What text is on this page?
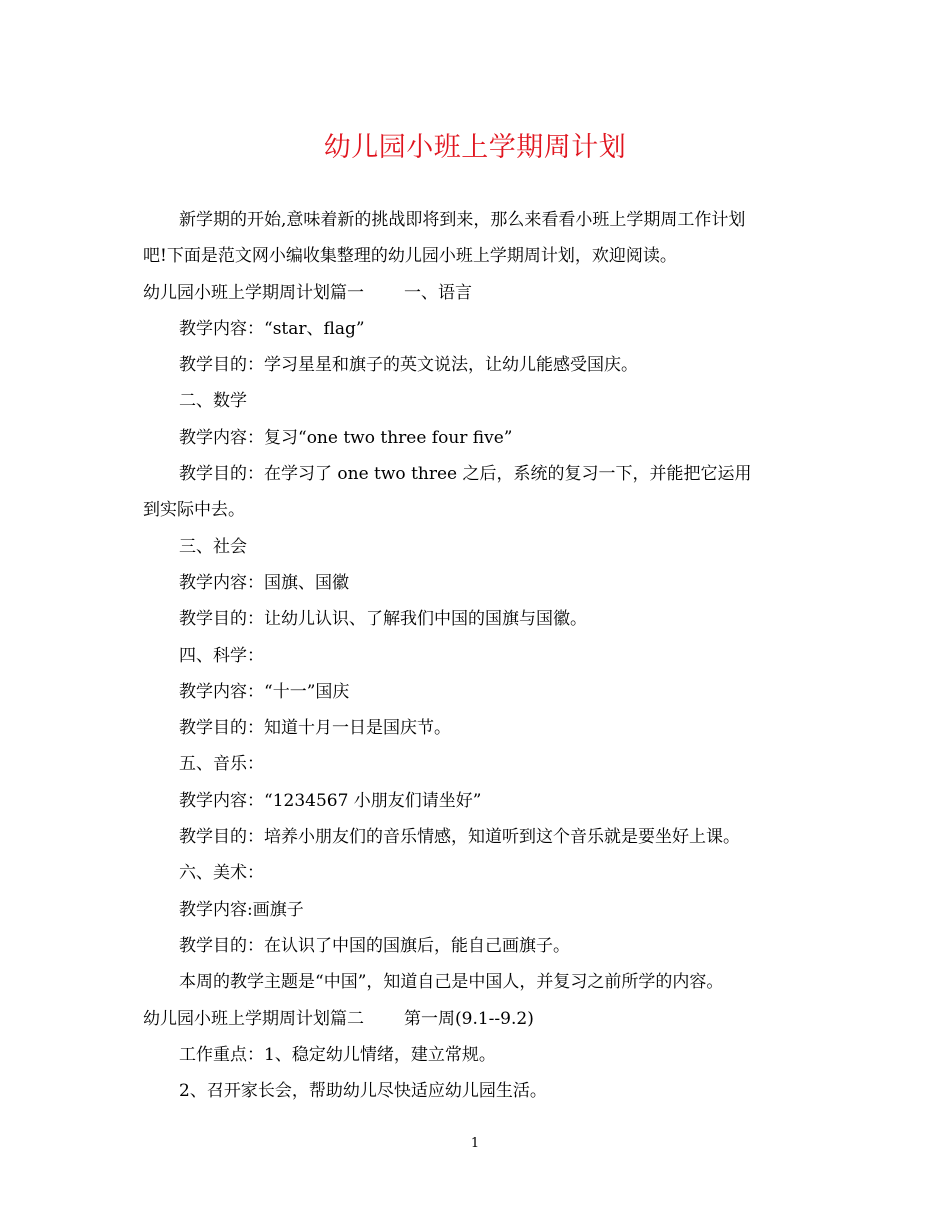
幼儿园小班上学期周计划

新学期的开始,意味着新的挑战即将到来，那么来看看小班上学期周工作计划

吧!下面是范文网小编收集整理的幼儿园小班上学期周计划，欢迎阅读。

幼儿园小班上学期周计划篇一 一、语言

教学内容：“star、flag”

教学目的：学习星星和旗子的英文说法，让幼儿能感受国庆。

二、数学

教学内容：复习“one two three four five”

教学目的：在学习了 one two three 之后，系统的复习一下，并能把它运用

到实际中去。

三、社会

教学内容：国旗、国徽

教学目的：让幼儿认识、了解我们中国的国旗与国徽。

四、科学：

教学内容：“十一”国庆

教学目的：知道十月一日是国庆节。

五、音乐：

教学内容：“1234567 小朋友们请坐好”

教学目的：培养小朋友们的音乐情感，知道听到这个音乐就是要坐好上课。

六、美术：

教学内容:画旗子

教学目的：在认识了中国的国旗后，能自己画旗子。

本周的教学主题是“中国”，知道自己是中国人，并复习之前所学的内容。

幼儿园小班上学期周计划篇二 第一周(9.1--9.2)

工作重点：1、稳定幼儿情绪，建立常规。

2、召开家长会，帮助幼儿尽快适应幼儿园生活。

1
